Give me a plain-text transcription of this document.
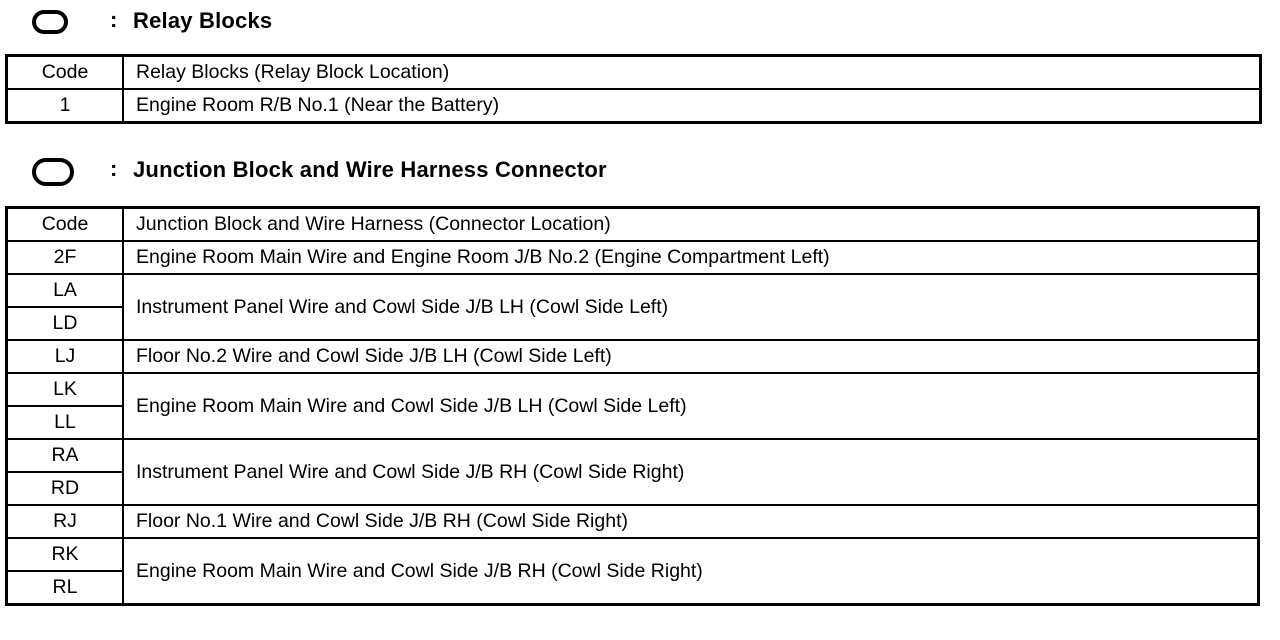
: Relay Blocks
Code	Relay Blocks (Relay Block Location)
1	Engine Room R/B No.1 (Near the Battery)
: Junction Block and Wire Harness Connector
Code	Junction Block and Wire Harness (Connector Location)
2F	Engine Room Main Wire and Engine Room J/B No.2 (Engine Compartment Left)
LA	Instrument Panel Wire and Cowl Side J/B LH (Cowl Side Left)
LD	
LJ	Floor No.2 Wire and Cowl Side J/B LH (Cowl Side Left)
LK	Engine Room Main Wire and Cowl Side J/B LH (Cowl Side Left)
LL	
RA	Instrument Panel Wire and Cowl Side J/B RH (Cowl Side Right)
RD	
RJ	Floor No.1 Wire and Cowl Side J/B RH (Cowl Side Right)
RK	Engine Room Main Wire and Cowl Side J/B RH (Cowl Side Right)
RL	
